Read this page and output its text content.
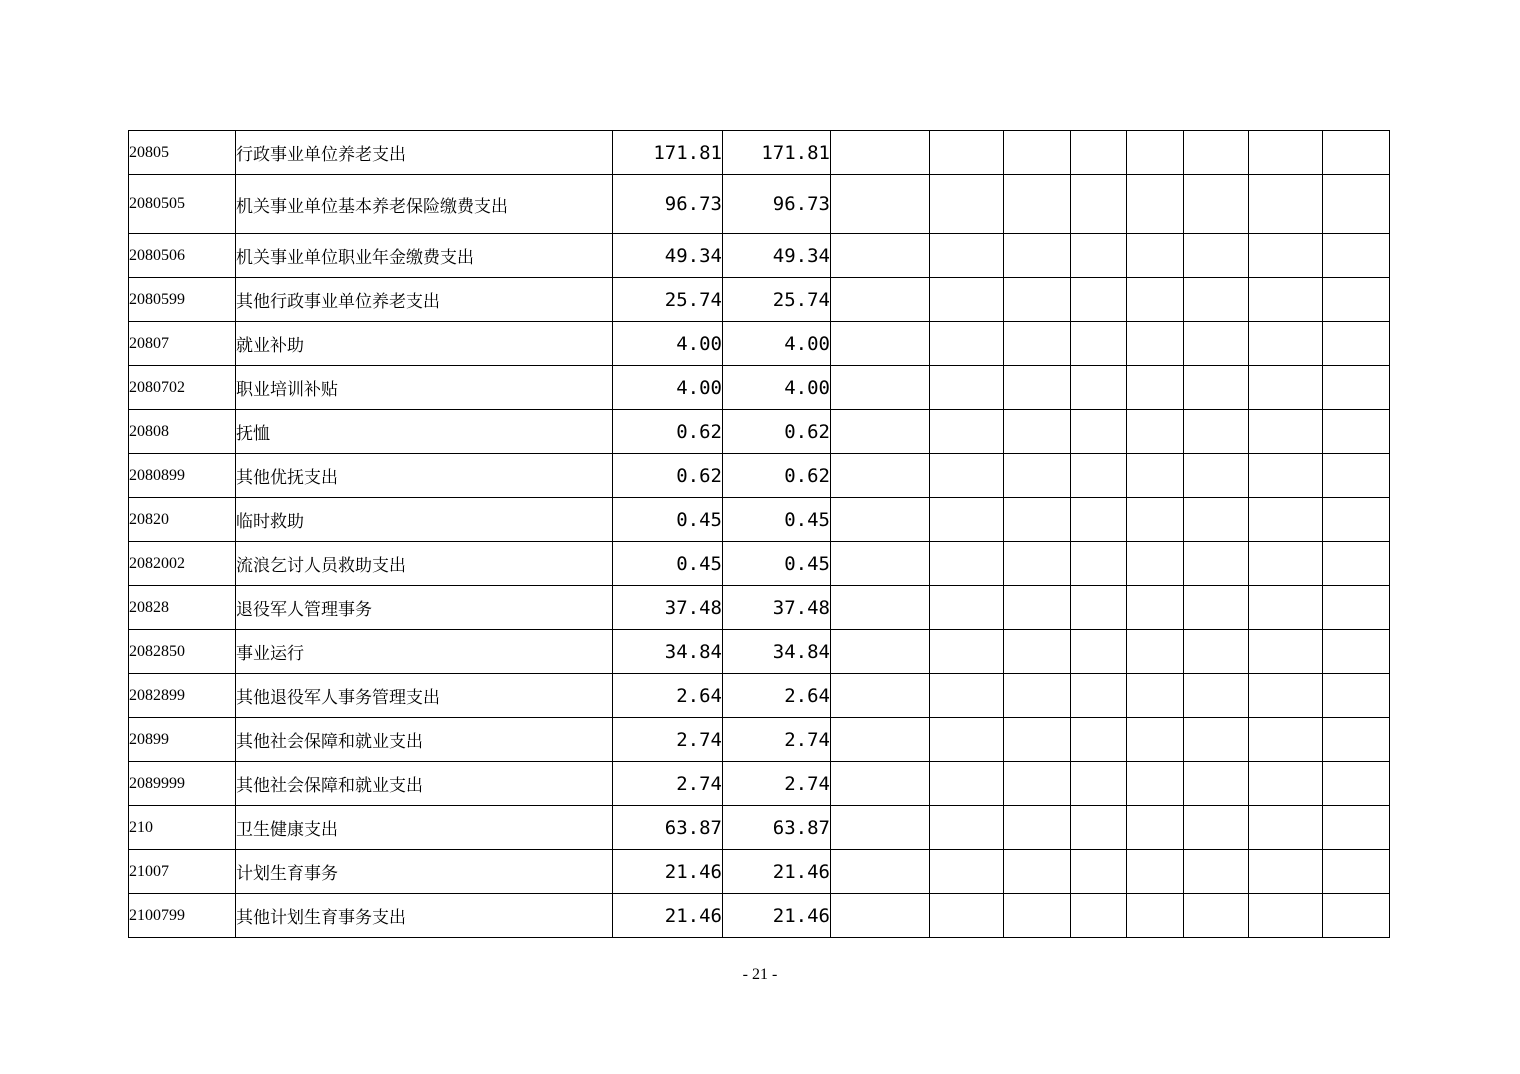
20805	行政事业单位养老支出	171.81	171.81								
2080505	机关事业单位基本养老保险缴费支出	96.73	96.73								
2080506	机关事业单位职业年金缴费支出	49.34	49.34								
2080599	其他行政事业单位养老支出	25.74	25.74								
20807	就业补助	4.00	4.00								
2080702	职业培训补贴	4.00	4.00								
20808	抚恤	0.62	0.62								
2080899	其他优抚支出	0.62	0.62								
20820	临时救助	0.45	0.45								
2082002	流浪乞讨人员救助支出	0.45	0.45								
20828	退役军人管理事务	37.48	37.48								
2082850	事业运行	34.84	34.84								
2082899	其他退役军人事务管理支出	2.64	2.64								
20899	其他社会保障和就业支出	2.74	2.74								
2089999	其他社会保障和就业支出	2.74	2.74								
210	卫生健康支出	63.87	63.87								
21007	计划生育事务	21.46	21.46								
2100799	其他计划生育事务支出	21.46	21.46								
- 21 -
